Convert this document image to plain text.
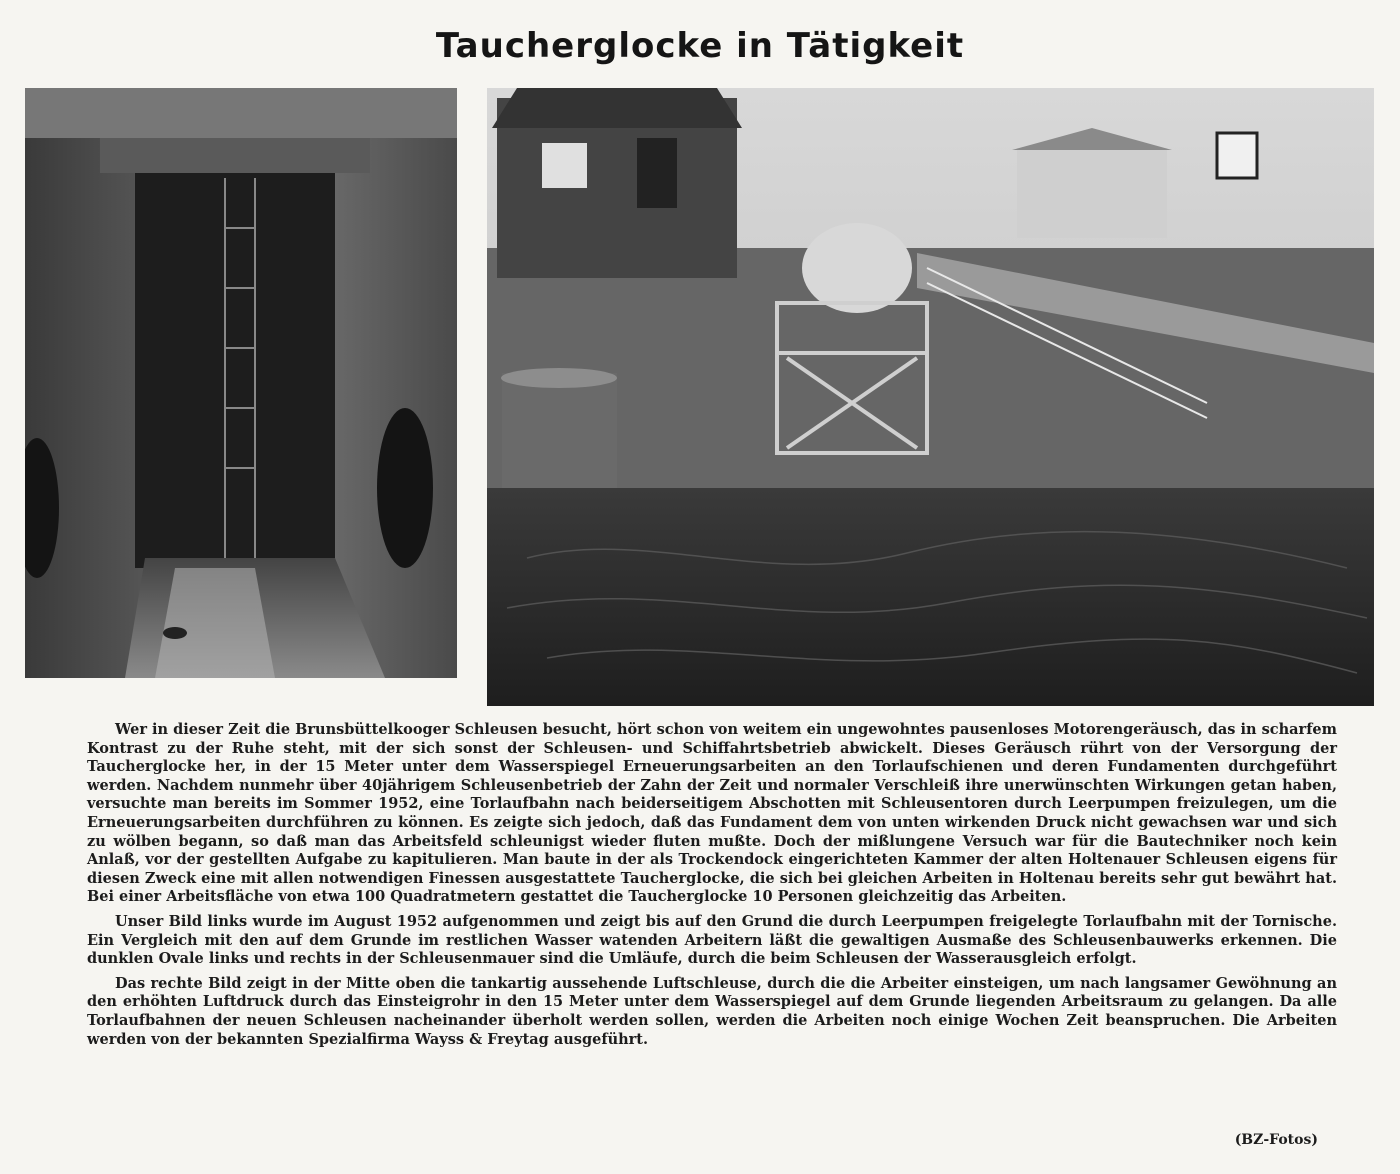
Taucherglocke in Tätigkeit

Wer in dieser Zeit die Brunsbüttelkooger Schleusen besucht, hört schon von weitem ein ungewohntes pausenloses Motorengeräusch, das in scharfem Kontrast zu der Ruhe steht, mit der sich sonst der Schleusen- und Schiffahrtsbetrieb abwickelt. Dieses Geräusch rührt von der Versorgung der Taucherglocke her, in der 15 Meter unter dem Wasserspiegel Erneuerungsarbeiten an den Torlaufschienen und deren Fundamenten durchgeführt werden. Nachdem nunmehr über 40jährigem Schleusenbetrieb der Zahn der Zeit und normaler Verschleiß ihre unerwünschten Wirkungen getan haben, versuchte man bereits im Sommer 1952, eine Torlaufbahn nach beiderseitigem Abschotten mit Schleusentoren durch Leerpumpen freizulegen, um die Erneuerungsarbeiten durchführen zu können. Es zeigte sich jedoch, daß das Fundament dem von unten wirkenden Druck nicht gewachsen war und sich zu wölben begann, so daß man das Arbeitsfeld schleunigst wieder fluten mußte. Doch der mißlungene Versuch war für die Bautechniker noch kein Anlaß, vor der gestellten Aufgabe zu kapitulieren. Man baute in der als Trockendock eingerichteten Kammer der alten Holtenauer Schleusen eigens für diesen Zweck eine mit allen notwendigen Finessen ausgestattete Taucherglocke, die sich bei gleichen Arbeiten in Holtenau bereits sehr gut bewährt hat. Bei einer Arbeitsfläche von etwa 100 Quadratmetern gestattet die Taucherglocke 10 Personen gleichzeitig das Arbeiten.

Unser Bild links wurde im August 1952 aufgenommen und zeigt bis auf den Grund die durch Leerpumpen freigelegte Torlaufbahn mit der Tornische. Ein Vergleich mit den auf dem Grunde im restlichen Wasser watenden Arbeitern läßt die gewaltigen Ausmaße des Schleusenbauwerks erkennen. Die dunklen Ovale links und rechts in der Schleusenmauer sind die Umläufe, durch die beim Schleusen der Wasserausgleich erfolgt.

Das rechte Bild zeigt in der Mitte oben die tankartig aussehende Luftschleuse, durch die die Arbeiter einsteigen, um nach langsamer Gewöhnung an den erhöhten Luftdruck durch das Einsteigrohr in den 15 Meter unter dem Wasserspiegel auf dem Grunde liegenden Arbeitsraum zu gelangen. Da alle Torlaufbahnen der neuen Schleusen nacheinander überholt werden sollen, werden die Arbeiten noch einige Wochen Zeit beanspruchen. Die Arbeiten werden von der bekannten Spezialfirma Wayss & Freytag ausgeführt.

(BZ-Fotos)
